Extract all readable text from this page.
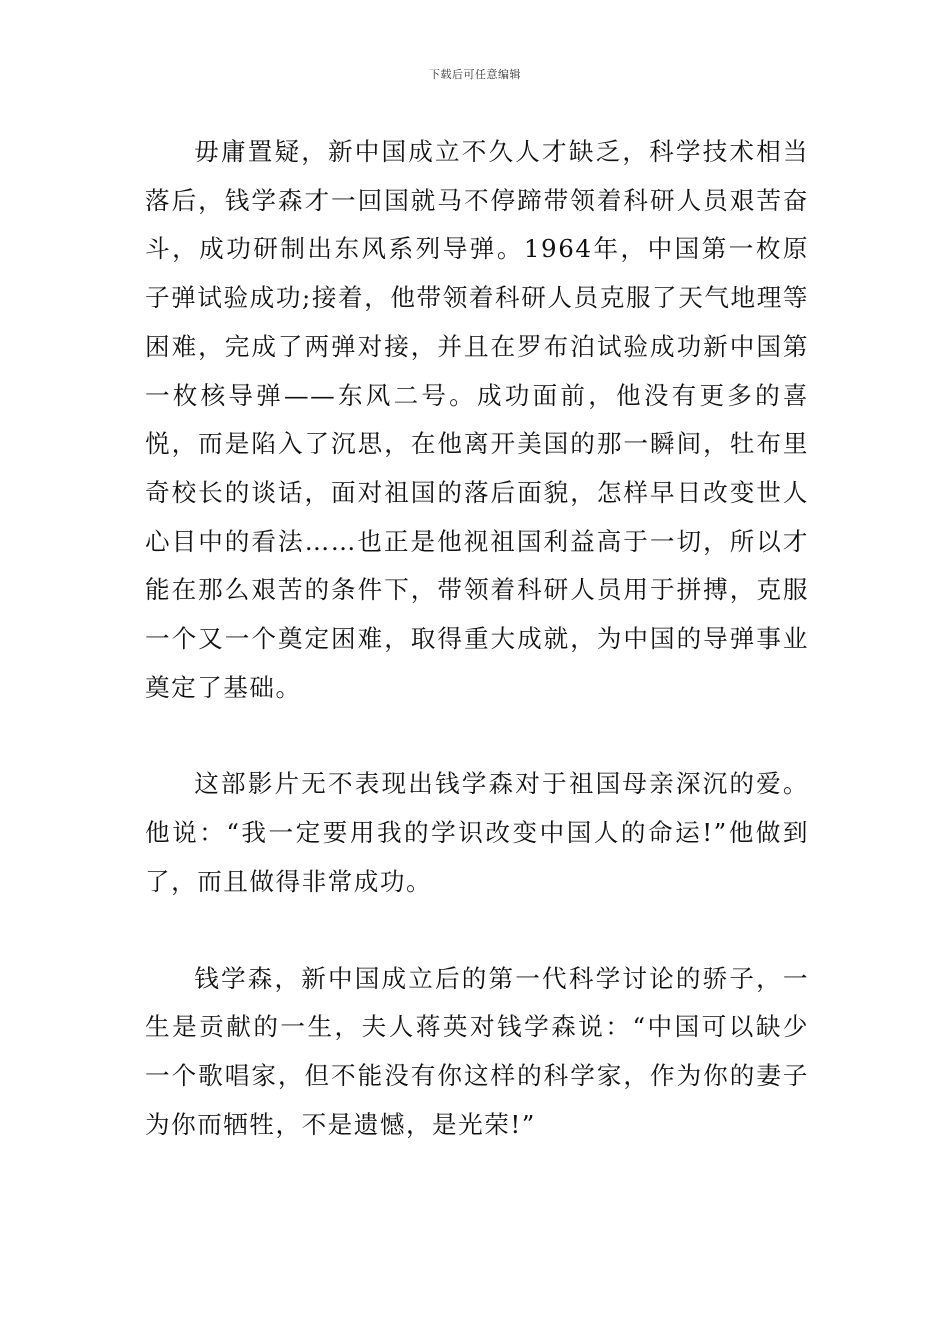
下载后可任意编辑

毋庸置疑，新中国成立不久人才缺乏，科学技术相当落后，钱学森才一回国就马不停蹄带领着科研人员艰苦奋斗，成功研制出东风系列导弹。1964年，中国第一枚原子弹试验成功;接着，他带领着科研人员克服了天气地理等困难，完成了两弹对接，并且在罗布泊试验成功新中国第一枚核导弹——东风二号。成功面前，他没有更多的喜悦，而是陷入了沉思，在他离开美国的那一瞬间，牡布里奇校长的谈话，面对祖国的落后面貌，怎样早日改变世人心目中的看法……也正是他视祖国利益高于一切，所以才能在那么艰苦的条件下，带领着科研人员用于拼搏，克服一个又一个奠定困难，取得重大成就，为中国的导弹事业奠定了基础。

这部影片无不表现出钱学森对于祖国母亲深沉的爱。他说：“我一定要用我的学识改变中国人的命运!”他做到了，而且做得非常成功。

钱学森，新中国成立后的第一代科学讨论的骄子，一生是贡献的一生，夫人蒋英对钱学森说：“中国可以缺少一个歌唱家，但不能没有你这样的科学家，作为你的妻子为你而牺牲，不是遗憾，是光荣!”
